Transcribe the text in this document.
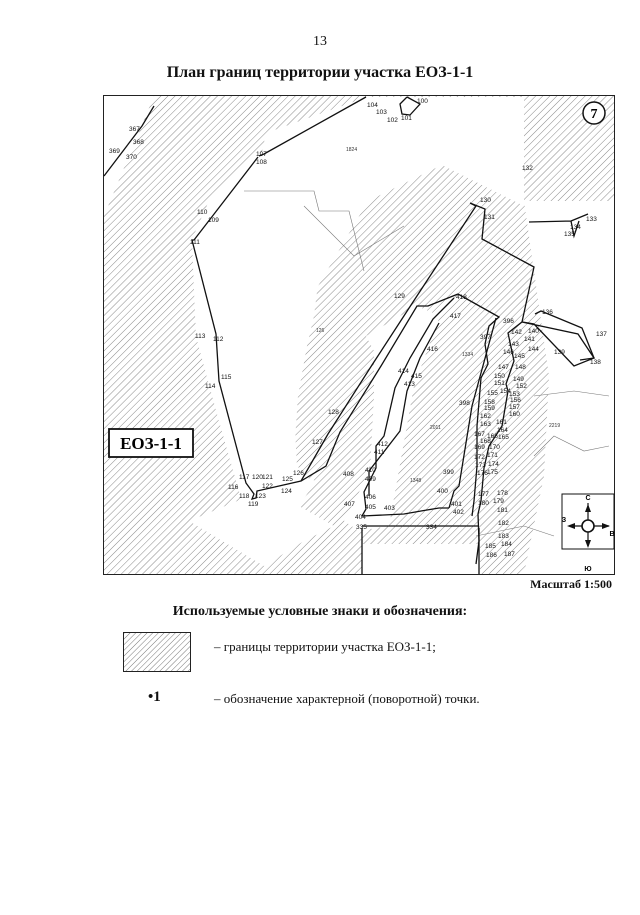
13
План границ территории участка ЕОЗ-1-1
7
ЕОЗ-1-1
С
Ю
З
В
1824
126
1334
2011
1348
2219
100
101
102
103
104
107
108
109
110
111
112
113
114
115
116
117
118
119
120 121
122
123
124
125
126
127
128
129
130
131
132
133
134
135
136
137
138
139
140
141
142
143
144
145
146
147 148
149
150
151 152
153
154
155
156
157
158
159
160
161
162
163
164
165
166
167
168
169 170
171
172
173 174
175
176
177 178
179
180
181
182
183
184
185
186 187
396
397
398
399
400
401
402
403
404
405
406
407
408
409
410
411
412
413
414
415
416
417
418
334
335
367
368
369
370
Масштаб 1:500
Используемые условные знаки и обозначения:
– границы территории участка ЕОЗ-1-1;
•1	– обозначение характерной (поворотной) точки.
